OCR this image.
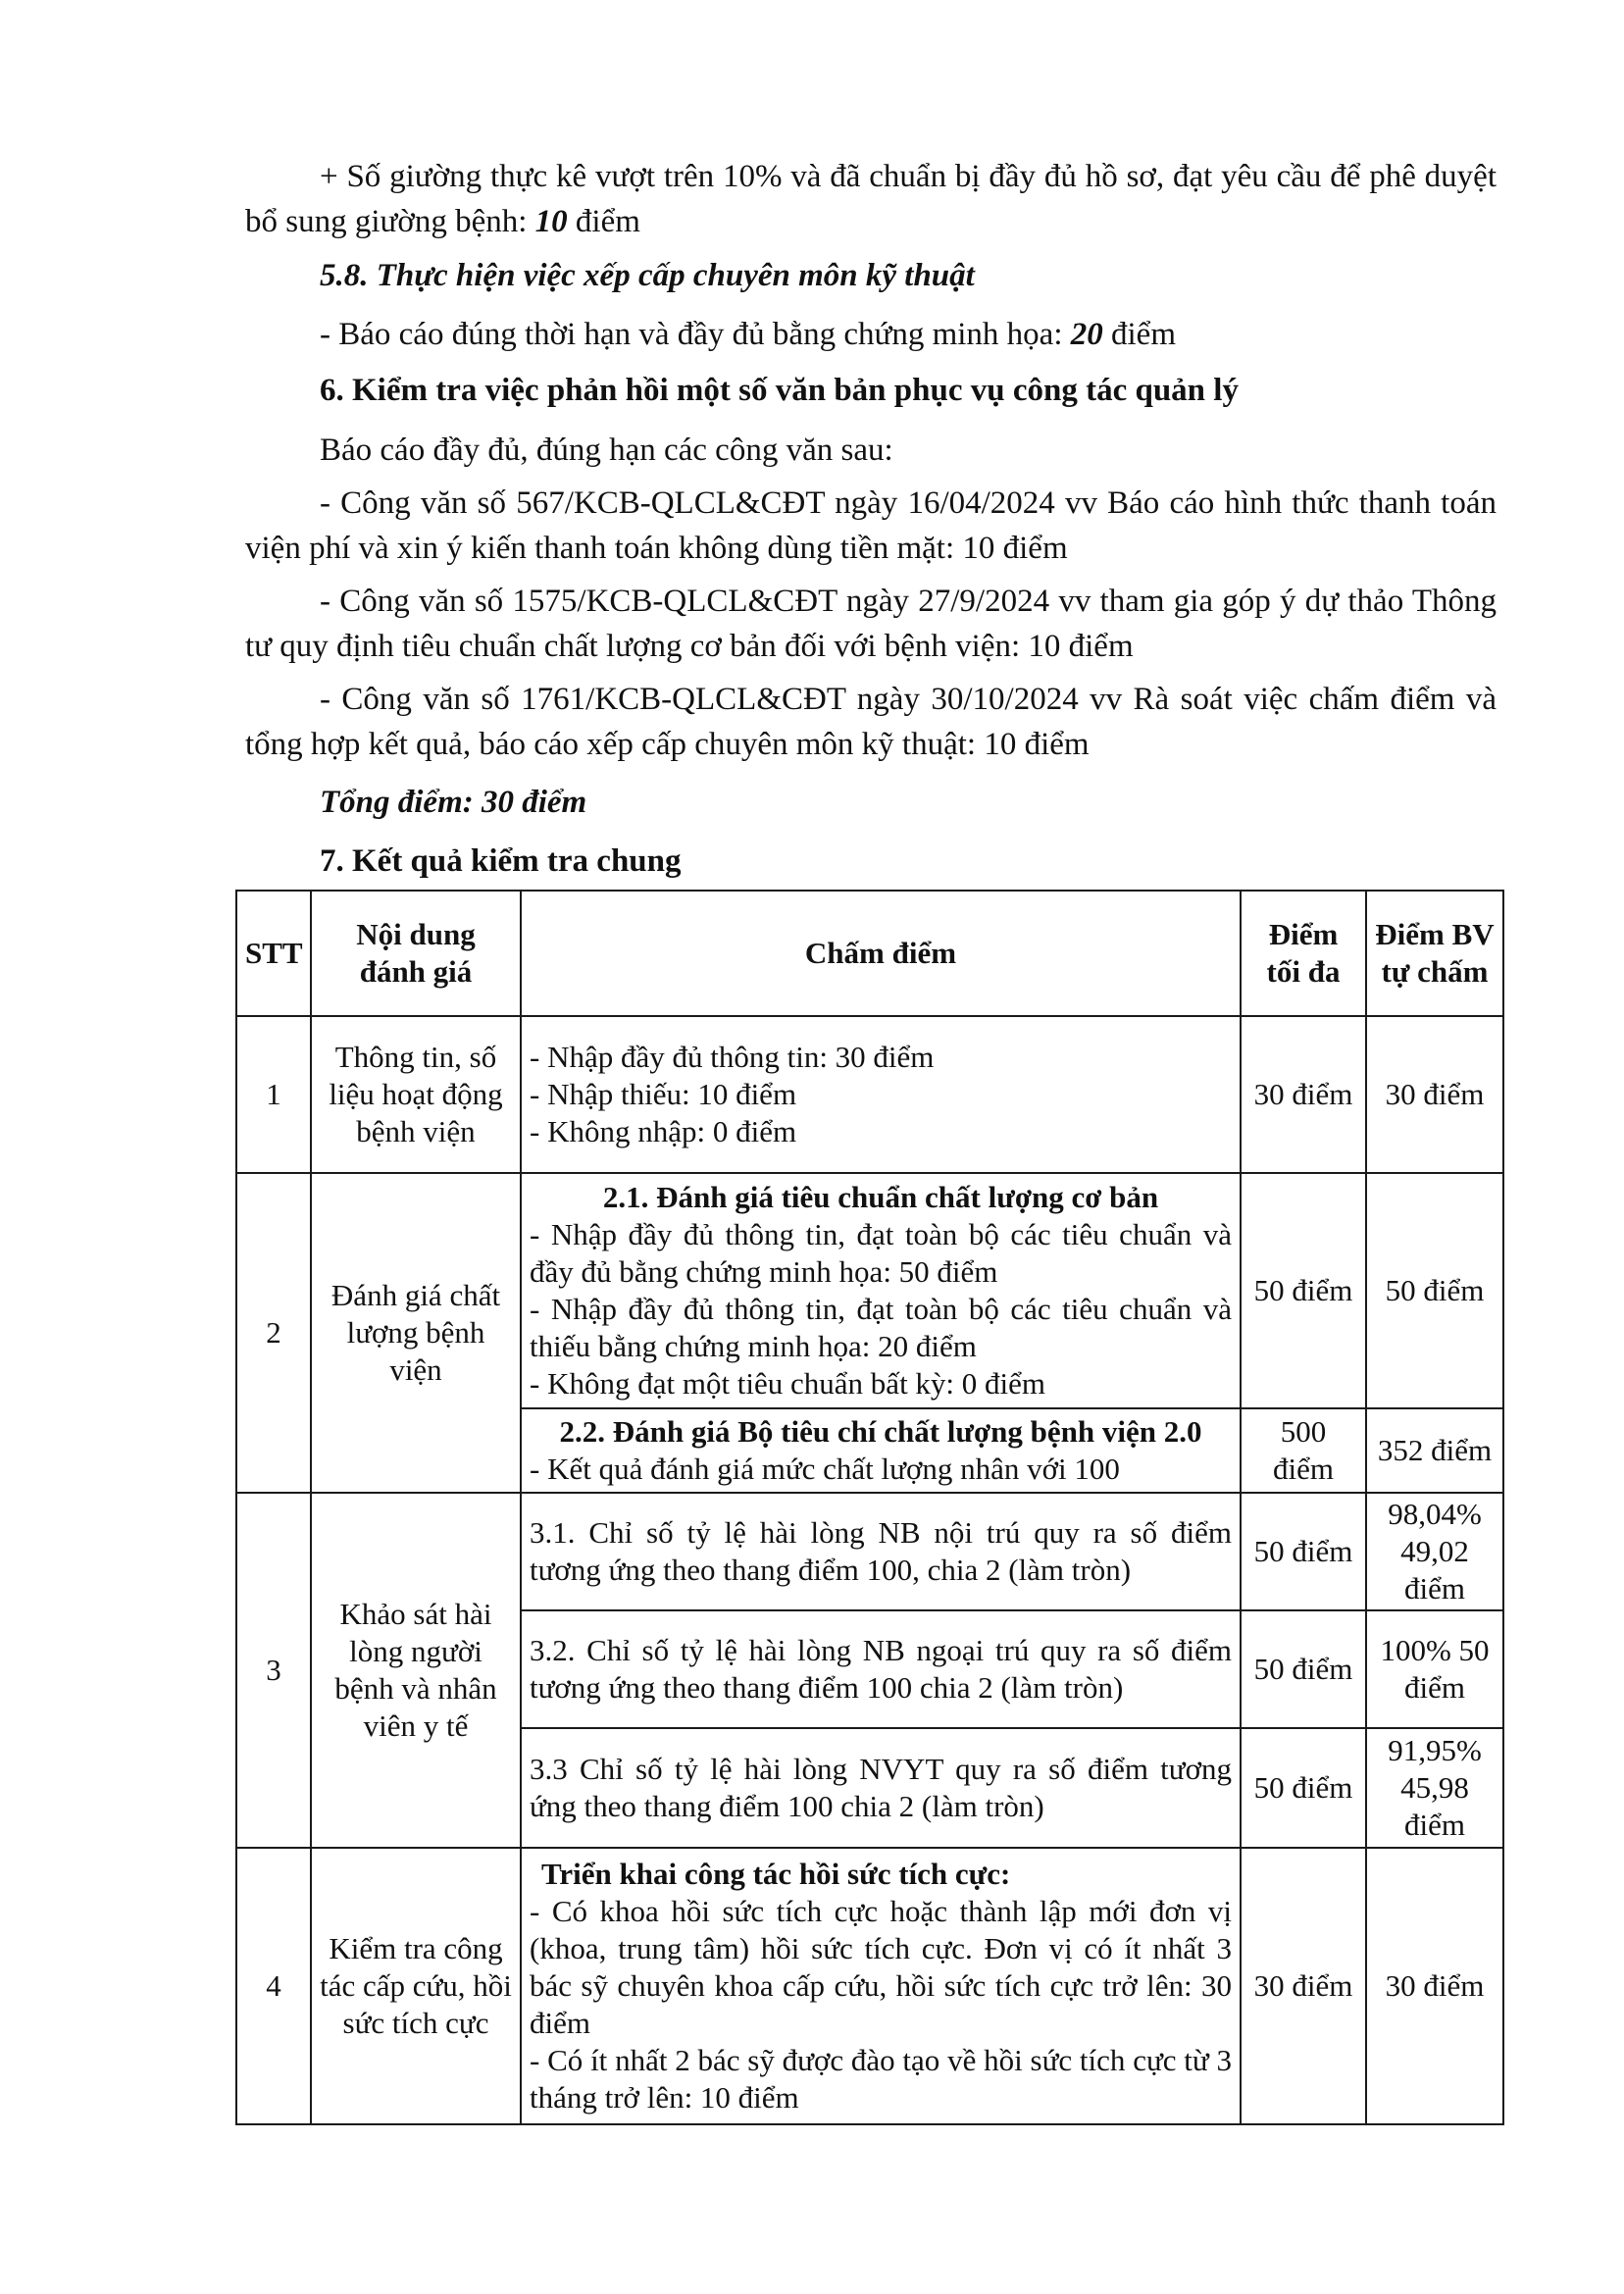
+ Số giường thực kê vượt trên 10% và đã chuẩn bị đầy đủ hồ sơ, đạt yêu cầu để phê duyệt bổ sung giường bệnh: 10 điểm
5.8. Thực hiện việc xếp cấp chuyên môn kỹ thuật
- Báo cáo đúng thời hạn và đầy đủ bằng chứng minh họa: 20 điểm
6. Kiểm tra việc phản hồi một số văn bản phục vụ công tác quản lý
Báo cáo đầy đủ, đúng hạn các công văn sau:
- Công văn số 567/KCB-QLCL&CĐT ngày 16/04/2024 vv Báo cáo hình thức thanh toán viện phí và xin ý kiến thanh toán không dùng tiền mặt: 10 điểm
- Công văn số 1575/KCB-QLCL&CĐT ngày 27/9/2024 vv tham gia góp ý dự thảo Thông tư quy định tiêu chuẩn chất lượng cơ bản đối với bệnh viện: 10 điểm
- Công văn số 1761/KCB-QLCL&CĐT ngày 30/10/2024 vv Rà soát việc chấm điểm và tổng hợp kết quả, báo cáo xếp cấp chuyên môn kỹ thuật: 10 điểm
Tổng điểm: 30 điểm
7. Kết quả kiểm tra chung
STT	Nội dung đánh giá	Chấm điểm	Điểm tối đa	Điểm BV tự chấm
1	Thông tin, số liệu hoạt động bệnh viện	- Nhập đầy đủ thông tin: 30 điểm
- Nhập thiếu: 10 điểm
- Không nhập: 0 điểm	30 điểm	30 điểm
2	Đánh giá chất lượng bệnh viện	2.1. Đánh giá tiêu chuẩn chất lượng cơ bản
- Nhập đầy đủ thông tin, đạt toàn bộ các tiêu chuẩn và đầy đủ bằng chứng minh họa: 50 điểm
- Nhập đầy đủ thông tin, đạt toàn bộ các tiêu chuẩn và thiếu bằng chứng minh họa: 20 điểm
- Không đạt một tiêu chuẩn bất kỳ: 0 điểm	50 điểm	50 điểm

		2.2. Đánh giá Bộ tiêu chí chất lượng bệnh viện 2.0
- Kết quả đánh giá mức chất lượng nhân với 100	500 điểm	352 điểm
3	Khảo sát hài lòng người bệnh và nhân viên y tế	3.1. Chỉ số tỷ lệ hài lòng NB nội trú quy ra số điểm tương ứng theo thang điểm 100, chia 2 (làm tròn)	50 điểm	98,04% 49,02 điểm
		3.2. Chỉ số tỷ lệ hài lòng NB ngoại trú quy ra số điểm tương ứng theo thang điểm 100 chia 2 (làm tròn)	50 điểm	100% 50 điểm
		3.3 Chỉ số tỷ lệ hài lòng NVYT quy ra số điểm tương ứng theo thang điểm 100 chia 2 (làm tròn)	50 điểm	91,95% 45,98 điểm
4	Kiểm tra công tác cấp cứu, hồi sức tích cực	Triển khai công tác hồi sức tích cực:
- Có khoa hồi sức tích cực hoặc thành lập mới đơn vị (khoa, trung tâm) hồi sức tích cực. Đơn vị có ít nhất 3 bác sỹ chuyên khoa cấp cứu, hồi sức tích cực trở lên: 30 điểm
- Có ít nhất 2 bác sỹ được đào tạo về hồi sức tích cực từ 3 tháng trở lên: 10 điểm	30 điểm	30 điểm
